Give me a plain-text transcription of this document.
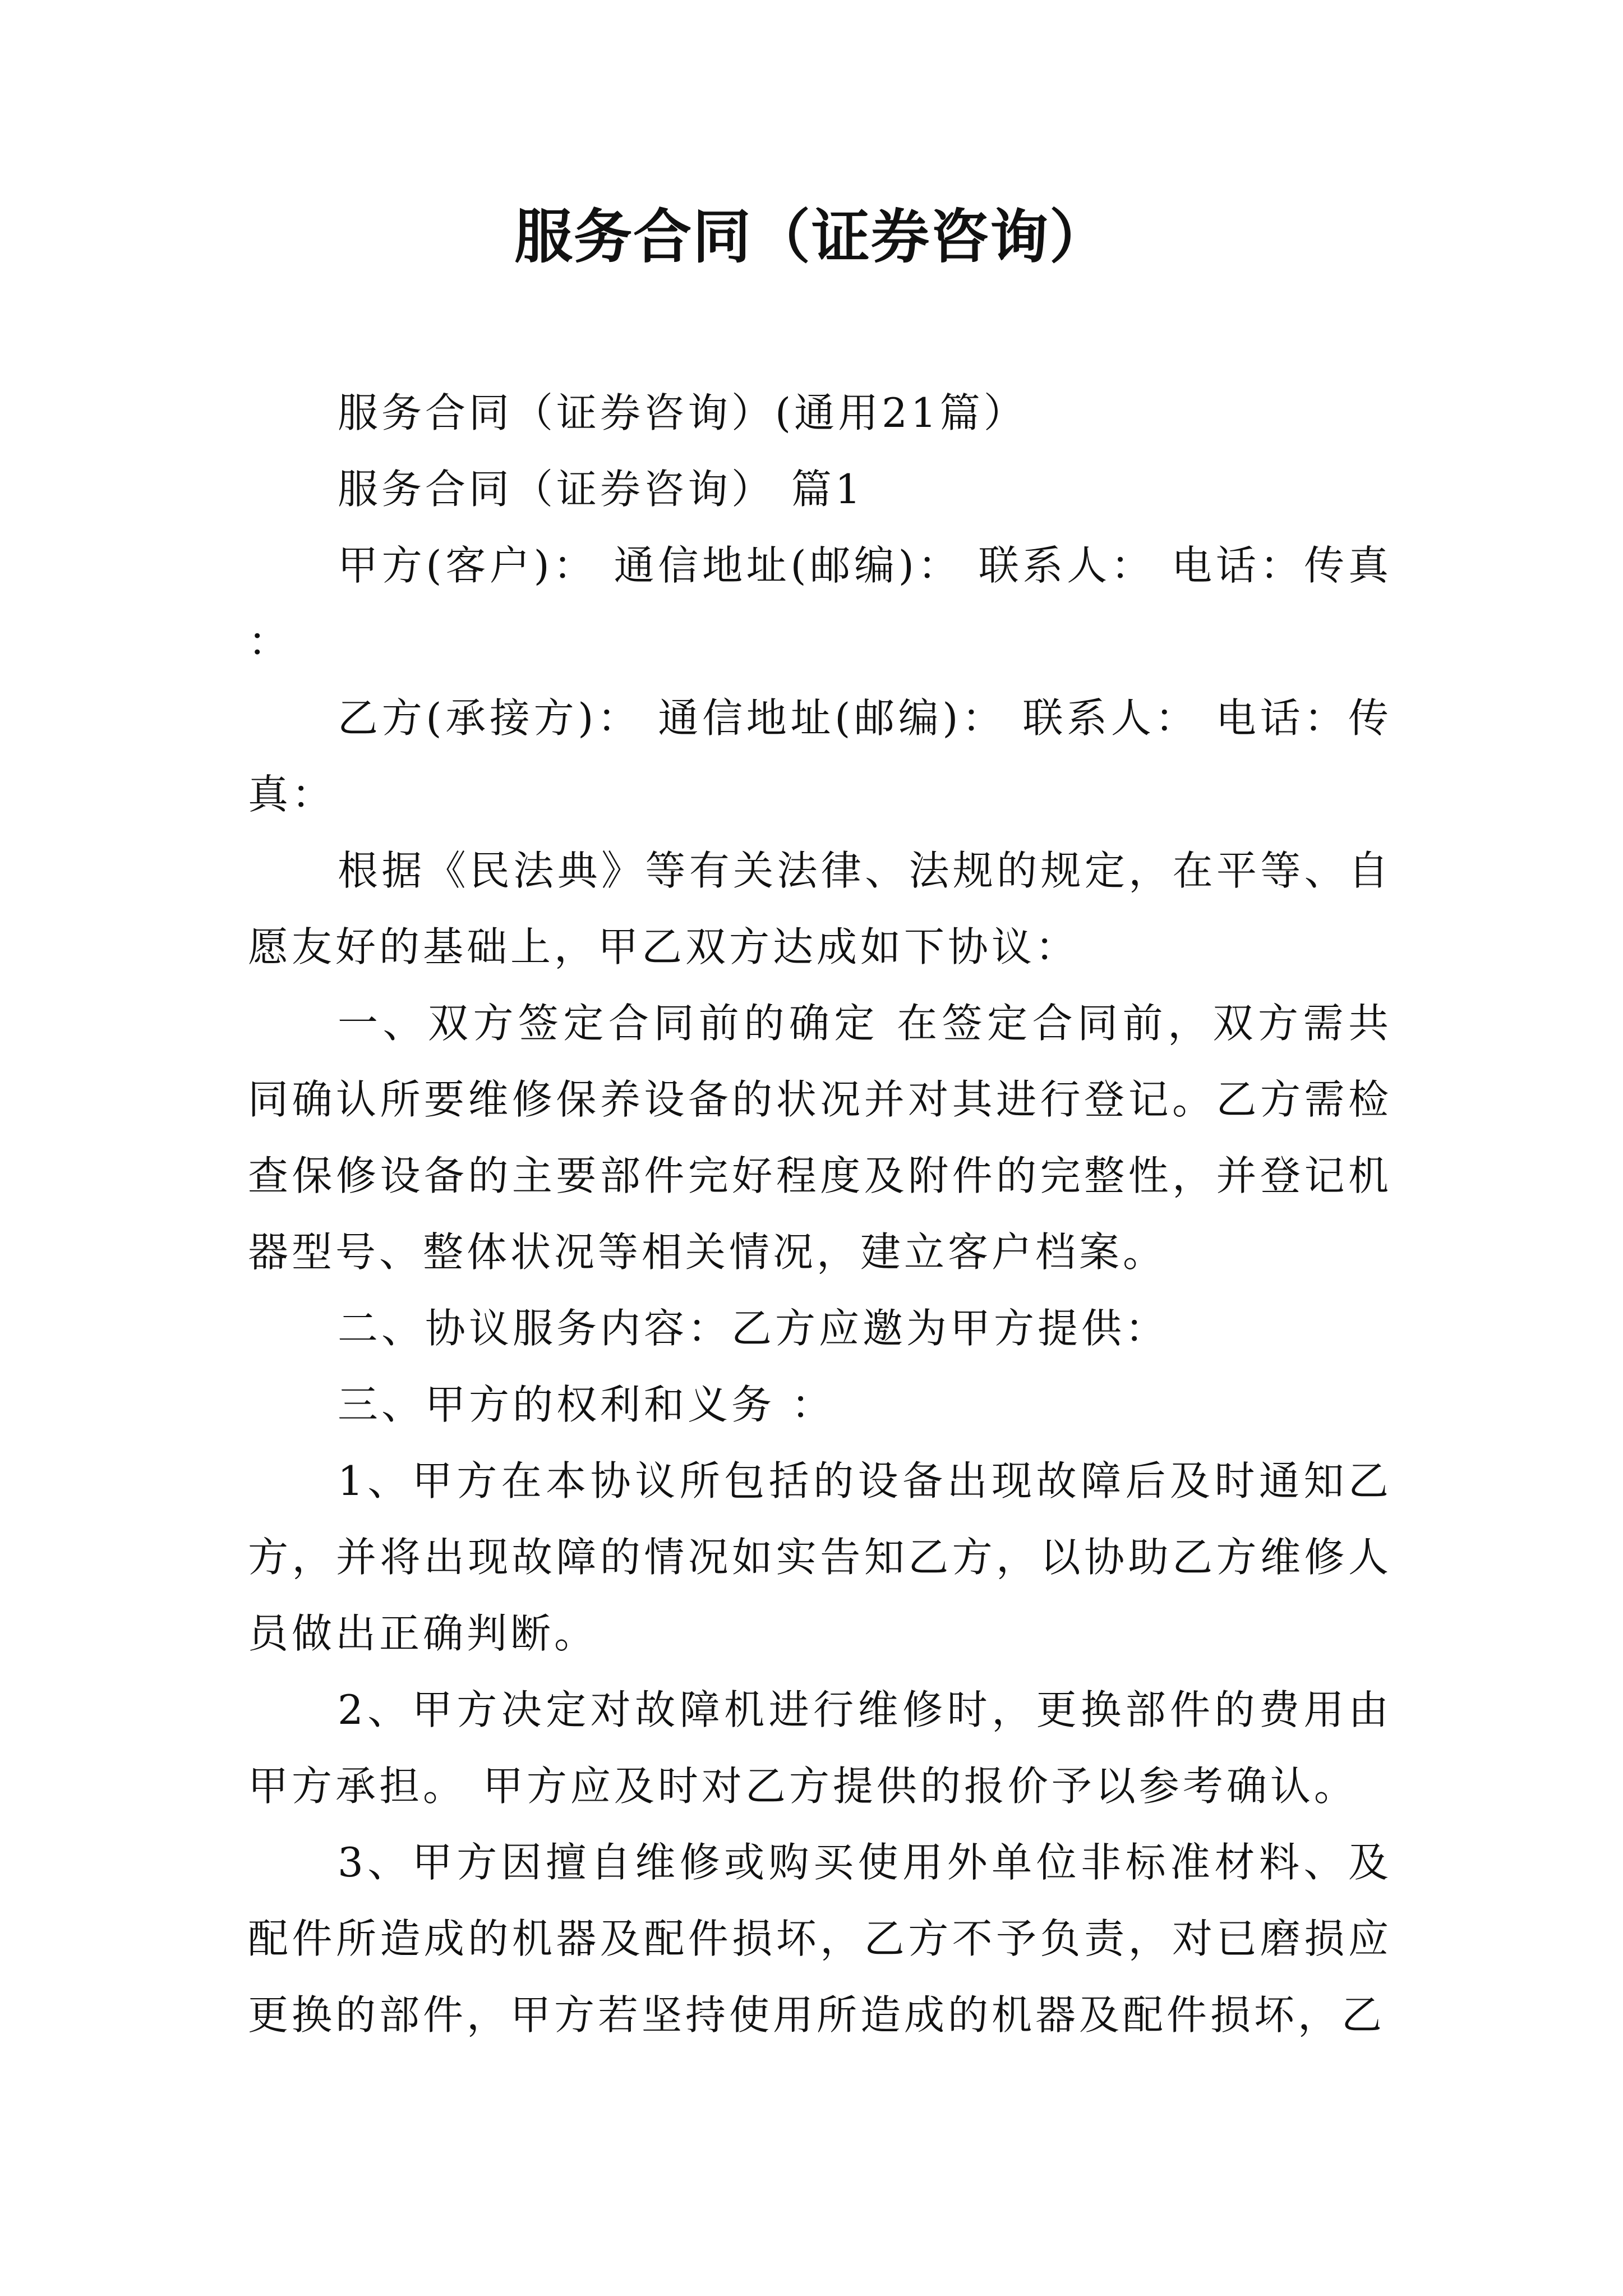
服务合同（证券咨询）

服务合同（证券咨询）(通用21篇）

服务合同（证券咨询） 篇1

甲方(客户)： 通信地址(邮编)： 联系人： 电话：传真 ：

乙方(承接方)： 通信地址(邮编)： 联系人： 电话：传真：

根据《民法典》等有关法律、法规的规定，在平等、自愿友好的基础上，甲乙双方达成如下协议：

一、双方签定合同前的确定 在签定合同前，双方需共同确认所要维修保养设备的状况并对其进行登记。乙方需检查保修设备的主要部件完好程度及附件的完整性，并登记机器型号、整体状况等相关情况，建立客户档案。

二、协议服务内容：乙方应邀为甲方提供：

三、甲方的权利和义务 ：

1、甲方在本协议所包括的设备出现故障后及时通知乙方，并将出现故障的情况如实告知乙方，以协助乙方维修人员做出正确判断。

2、甲方决定对故障机进行维修时，更换部件的费用由甲方承担。 甲方应及时对乙方提供的报价予以参考确认。

3、甲方因擅自维修或购买使用外单位非标准材料、及配件所造成的机器及配件损坏，乙方不予负责，对已磨损应更换的部件，甲方若坚持使用所造成的机器及配件损坏，乙
